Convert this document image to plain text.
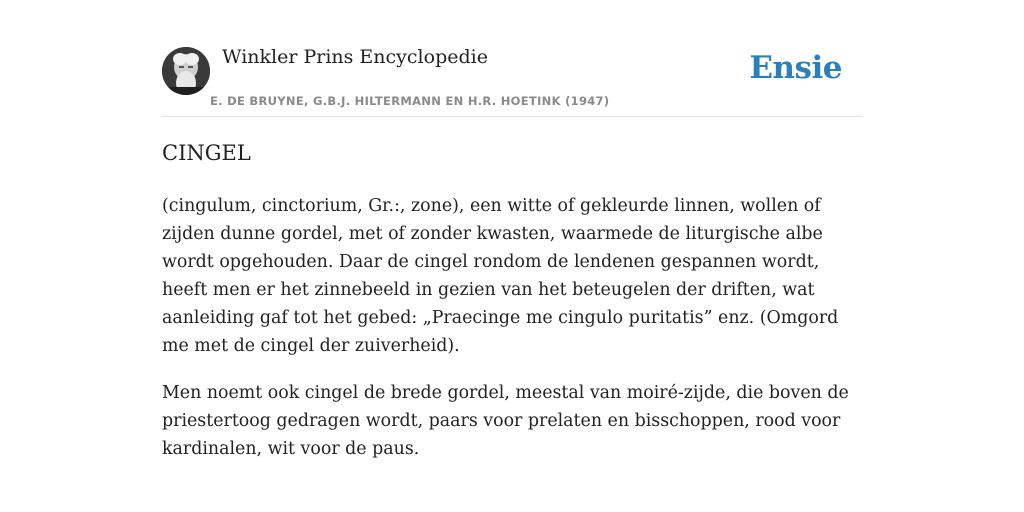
Winkler Prins Encyclopedie
E. DE BRUYNE, G.B.J. HILTERMANN EN H.R. HOETINK (1947)
Ensie
CINGEL

(cingulum, cinctorium, Gr.:, zone), een witte of gekleurde linnen, wollen of zijden dunne gordel, met of zonder kwasten, waarmede de liturgische albe wordt opgehouden. Daar de cingel rondom de lendenen gespannen wordt, heeft men er het zinnebeeld in gezien van het beteugelen der driften, wat aanleiding gaf tot het gebed: „Praecinge me cingulo puritatis” enz. (Omgord me met de cingel der zuiverheid).

Men noemt ook cingel de brede gordel, meestal van moiré-zijde, die boven de priestertoog gedragen wordt, paars voor prelaten en bisschoppen, rood voor kardinalen, wit voor de paus.
